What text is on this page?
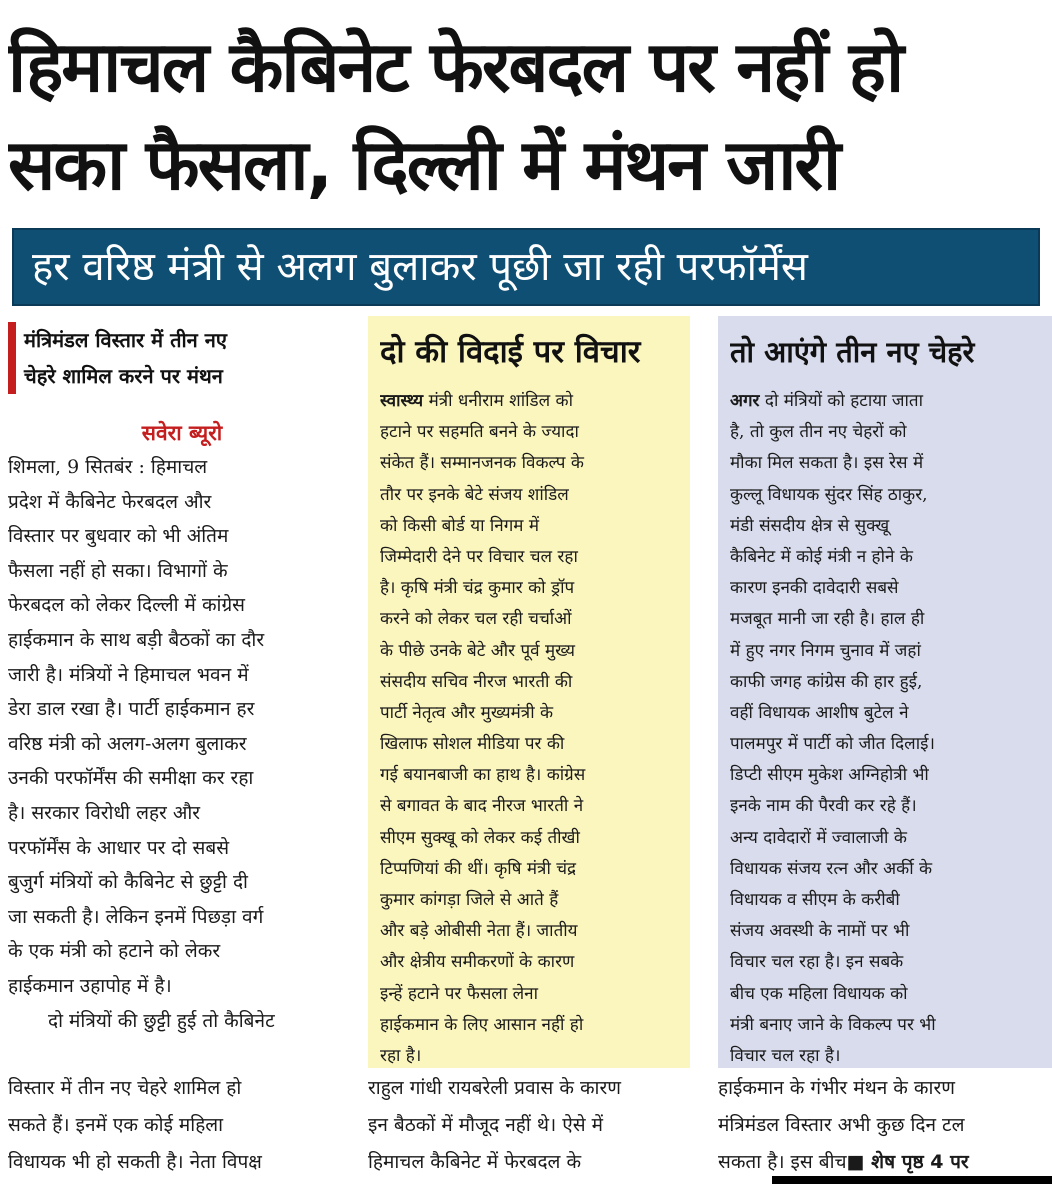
हिमाचल कैबिनेट फेरबदल पर नहीं हो
सका फैसला, दिल्ली में मंथन जारी
हर वरिष्ठ मंत्री से अलग बुलाकर पूछी जा रही परफॉर्मेंस
मंत्रिमंडल विस्तार में तीन नए
चेहरे शामिल करने पर मंथन
सवेरा ब्यूरो
शिमला, 9 सितबंर : हिमाचल
प्रदेश में कैबिनेट फेरबदल और
विस्तार पर बुधवार को भी अंतिम
फैसला नहीं हो सका। विभागों के
फेरबदल को लेकर दिल्ली में कांग्रेस
हाईकमान के साथ बड़ी बैठकों का दौर
जारी है। मंत्रियों ने हिमाचल भवन में
डेरा डाल रखा है। पार्टी हाईकमान हर
वरिष्ठ मंत्री को अलग-अलग बुलाकर
उनकी परफॉर्मेंस की समीक्षा कर रहा
है। सरकार विरोधी लहर और
परफॉर्मेंस के आधार पर दो सबसे
बुजुर्ग मंत्रियों को कैबिनेट से छुट्टी दी
जा सकती है। लेकिन इनमें पिछड़ा वर्ग
के एक मंत्री को हटाने को लेकर
हाईकमान उहापोह में है।
दो मंत्रियों की छुट्टी हुई तो कैबिनेट
दो की विदाई पर विचार
स्वास्थ्य मंत्री धनीराम शांडिल को
हटाने पर सहमति बनने के ज्यादा
संकेत हैं। सम्मानजनक विकल्प के
तौर पर इनके बेटे संजय शांडिल
को किसी बोर्ड या निगम में
जिम्मेदारी देने पर विचार चल रहा
है। कृषि मंत्री चंद्र कुमार को ड्रॉप
करने को लेकर चल रही चर्चाओं
के पीछे उनके बेटे और पूर्व मुख्य
संसदीय सचिव नीरज भारती की
पार्टी नेतृत्व और मुख्यमंत्री के
खिलाफ सोशल मीडिया पर की
गई बयानबाजी का हाथ है। कांग्रेस
से बगावत के बाद नीरज भारती ने
सीएम सुक्खू को लेकर कई तीखी
टिप्पणियां की थीं। कृषि मंत्री चंद्र
कुमार कांगड़ा जिले से आते हैं
और बड़े ओबीसी नेता हैं। जातीय
और क्षेत्रीय समीकरणों के कारण
इन्हें हटाने पर फैसला लेना
हाईकमान के लिए आसान नहीं हो
रहा है।
तो आएंगे तीन नए चेहरे
अगर दो मंत्रियों को हटाया जाता
है, तो कुल तीन नए चेहरों को
मौका मिल सकता है। इस रेस में
कुल्लू विधायक सुंदर सिंह ठाकुर,
मंडी संसदीय क्षेत्र से सुक्खू
कैबिनेट में कोई मंत्री न होने के
कारण इनकी दावेदारी सबसे
मजबूत मानी जा रही है। हाल ही
में हुए नगर निगम चुनाव में जहां
काफी जगह कांग्रेस की हार हुई,
वहीं विधायक आशीष बुटेल ने
पालमपुर में पार्टी को जीत दिलाई।
डिप्टी सीएम मुकेश अग्निहोत्री भी
इनके नाम की पैरवी कर रहे हैं।
अन्य दावेदारों में ज्वालाजी के
विधायक संजय रत्न और अर्की के
विधायक व सीएम के करीबी
संजय अवस्थी के नामों पर भी
विचार चल रहा है। इन सबके
बीच एक महिला विधायक को
मंत्री बनाए जाने के विकल्प पर भी
विचार चल रहा है।
विस्तार में तीन नए चेहरे शामिल हो
सकते हैं। इनमें एक कोई महिला
विधायक भी हो सकती है। नेता विपक्ष
राहुल गांधी रायबरेली प्रवास के कारण
इन बैठकों में मौजूद नहीं थे। ऐसे में
हिमाचल कैबिनेट में फेरबदल के
हाईकमान के गंभीर मंथन के कारण
मंत्रिमंडल विस्तार अभी कुछ दिन टल
सकता है। इस बीच■ शेष पृष्ठ 4 पर
